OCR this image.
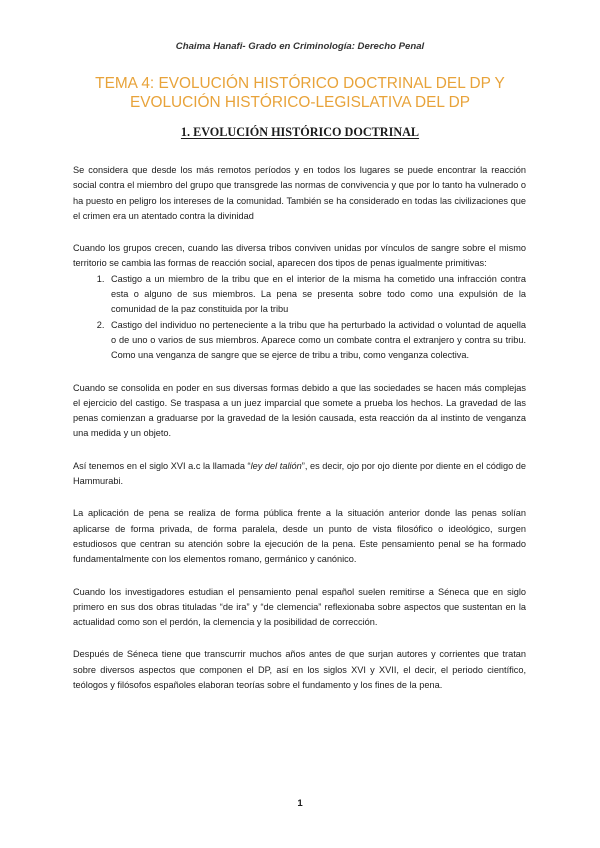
Chaima Hanafi- Grado en Criminología: Derecho Penal
TEMA 4: EVOLUCIÓN HISTÓRICO DOCTRINAL DEL DP Y
EVOLUCIÓN HISTÓRICO-LEGISLATIVA DEL DP
1. EVOLUCIÓN HISTÓRICO DOCTRINAL

Se considera que desde los más remotos períodos y en todos los lugares se puede encontrar la reacción social contra el miembro del grupo que transgrede las normas de convivencia y que por lo tanto ha vulnerado o ha puesto en peligro los intereses de la comunidad. También se ha considerado en todas las civilizaciones que el crimen era un atentado contra la divinidad

Cuando los grupos crecen, cuando las diversa tribos conviven unidas por vínculos de sangre sobre el mismo territorio se cambia las formas de reacción social, aparecen dos tipos de penas igualmente primitivas:

1. Castigo a un miembro de la tribu que en el interior de la misma ha cometido una infracción contra esta o alguno de sus miembros. La pena se presenta sobre todo como una expulsión de la comunidad de la paz constituida por la tribu
2. Castigo del individuo no perteneciente a la tribu que ha perturbado la actividad o voluntad de aquella o de uno o varios de sus miembros. Aparece como un combate contra el extranjero y contra su tribu. Como una venganza de sangre que se ejerce de tribu a tribu, como venganza colectiva.

Cuando se consolida en poder en sus diversas formas debido a que las sociedades se hacen más complejas el ejercicio del castigo. Se traspasa a un juez imparcial que somete a prueba los hechos. La gravedad de las penas comienzan a graduarse por la gravedad de la lesión causada, esta reacción da al instinto de venganza una medida y un objeto.

Así tenemos en el siglo XVI a.c la llamada “ley del talión”, es decir, ojo por ojo diente por diente en el código de Hammurabi.

La aplicación de pena se realiza de forma pública frente a la situación anterior donde las penas solían aplicarse de forma privada, de forma paralela, desde un punto de vista filosófico o ideológico, surgen estudiosos que centran su atención sobre la ejecución de la pena. Este pensamiento penal se ha formado fundamentalmente con los elementos romano, germánico y canónico.

Cuando los investigadores estudian el pensamiento penal español suelen remitirse a Séneca que en siglo primero en sus dos obras tituladas “de ira” y “de clemencia” reflexionaba sobre aspectos que sustentan en la actualidad como son el perdón, la clemencia y la posibilidad de corrección.

Después de Séneca tiene que transcurrir muchos años antes de que surjan autores y corrientes que tratan sobre diversos aspectos que componen el DP, así en los siglos XVI y XVII, el decir, el periodo científico, teólogos y filósofos españoles elaboran teorías sobre el fundamento y los fines de la pena.

1
